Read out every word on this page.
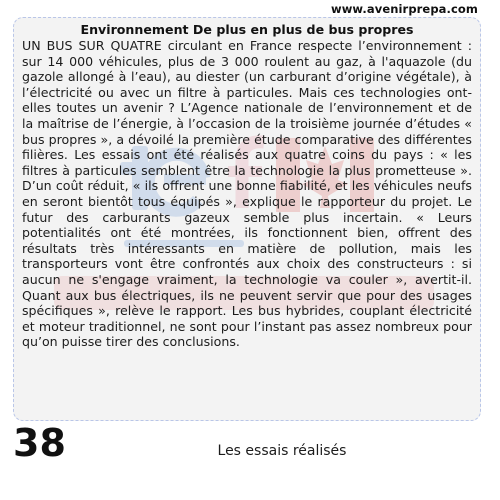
www.avenirprepa.com
Environnement De plus en plus de bus propres
UN BUS SUR QUATRE circulant en France respecte l’environnement : sur 14 000 véhicules, plus de 3 000 roulent au gaz, à l'aquazole (du gazole allongé à l’eau), au diester (un carburant d’origine végétale), à l’électricité ou avec un filtre à particules. Mais ces technologies ont-elles toutes un avenir ? L’Agence nationale de l’environnement et de la maîtrise de l’énergie, à l’occasion de la troisième journée d’études « bus propres », a dévoilé la première étude comparative des différentes filières. Les essais ont été réalisés aux quatre coins du pays : « les filtres à particules semblent être la technologie la plus prometteuse ». D’un coût réduit, « ils offrent une bonne fiabilité, et les véhicules neufs en seront bientôt tous équipés », explique le rapporteur du projet. Le futur des carburants gazeux semble plus incertain. « Leurs potentialités ont été montrées, ils fonctionnent bien, offrent des résultats très intéressants en matière de pollution, mais les transporteurs vont être confrontés aux choix des constructeurs : si aucun ne s'engage vraiment, la technologie va couler », avertit-il. Quant aux bus électriques, ils ne peuvent servir que pour des usages spécifiques », relève le rapport. Les bus hybrides, couplant électricité et moteur traditionnel, ne sont pour l’instant pas assez nombreux pour qu’on puisse tirer des conclusions.
38	Les essais réalisés
